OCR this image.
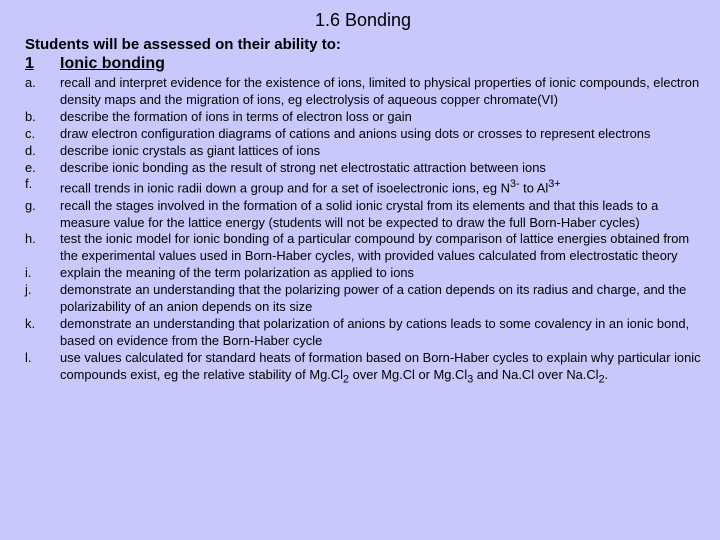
1.6 Bonding
Students will be assessed on their ability to:
1 Ionic bonding
a.	recall and interpret evidence for the existence of ions, limited to physical properties of ionic compounds, electron density maps and the migration of ions, eg electrolysis of aqueous copper chromate(VI)
b.	describe the formation of ions in terms of electron loss or gain
c.	draw electron configuration diagrams of cations and anions using dots or crosses to represent electrons
d.	describe ionic crystals as giant lattices of ions
e.	describe ionic bonding as the result of strong net electrostatic attraction between ions
f.	recall trends in ionic radii down a group and for a set of isoelectronic ions, eg $N^{3-}$ to $Al^{3+}$
g.	recall the stages involved in the formation of a solid ionic crystal from its elements and that this leads to a measure value for the lattice energy (students will not be expected to draw the full Born-Haber cycles)
h.	test the ionic model for ionic bonding of a particular compound by comparison of lattice energies obtained from the experimental values used in Born-Haber cycles, with provided values calculated from electrostatic theory
i.	explain the meaning of the term polarization as applied to ions
j.	demonstrate an understanding that the polarizing power of a cation depends on its radius and charge, and the polarizability of an anion depends on its size
k.	demonstrate an understanding that polarization of anions by cations leads to some covalency in an ionic bond, based on evidence from the Born-Haber cycle
l.	use values calculated for standard heats of formation based on Born-Haber cycles to explain why particular ionic compounds exist, eg the relative stability of $Mg.Cl_2$ over Mg.Cl or $Mg.Cl_3$ and Na.Cl over $Na.Cl_2$.
